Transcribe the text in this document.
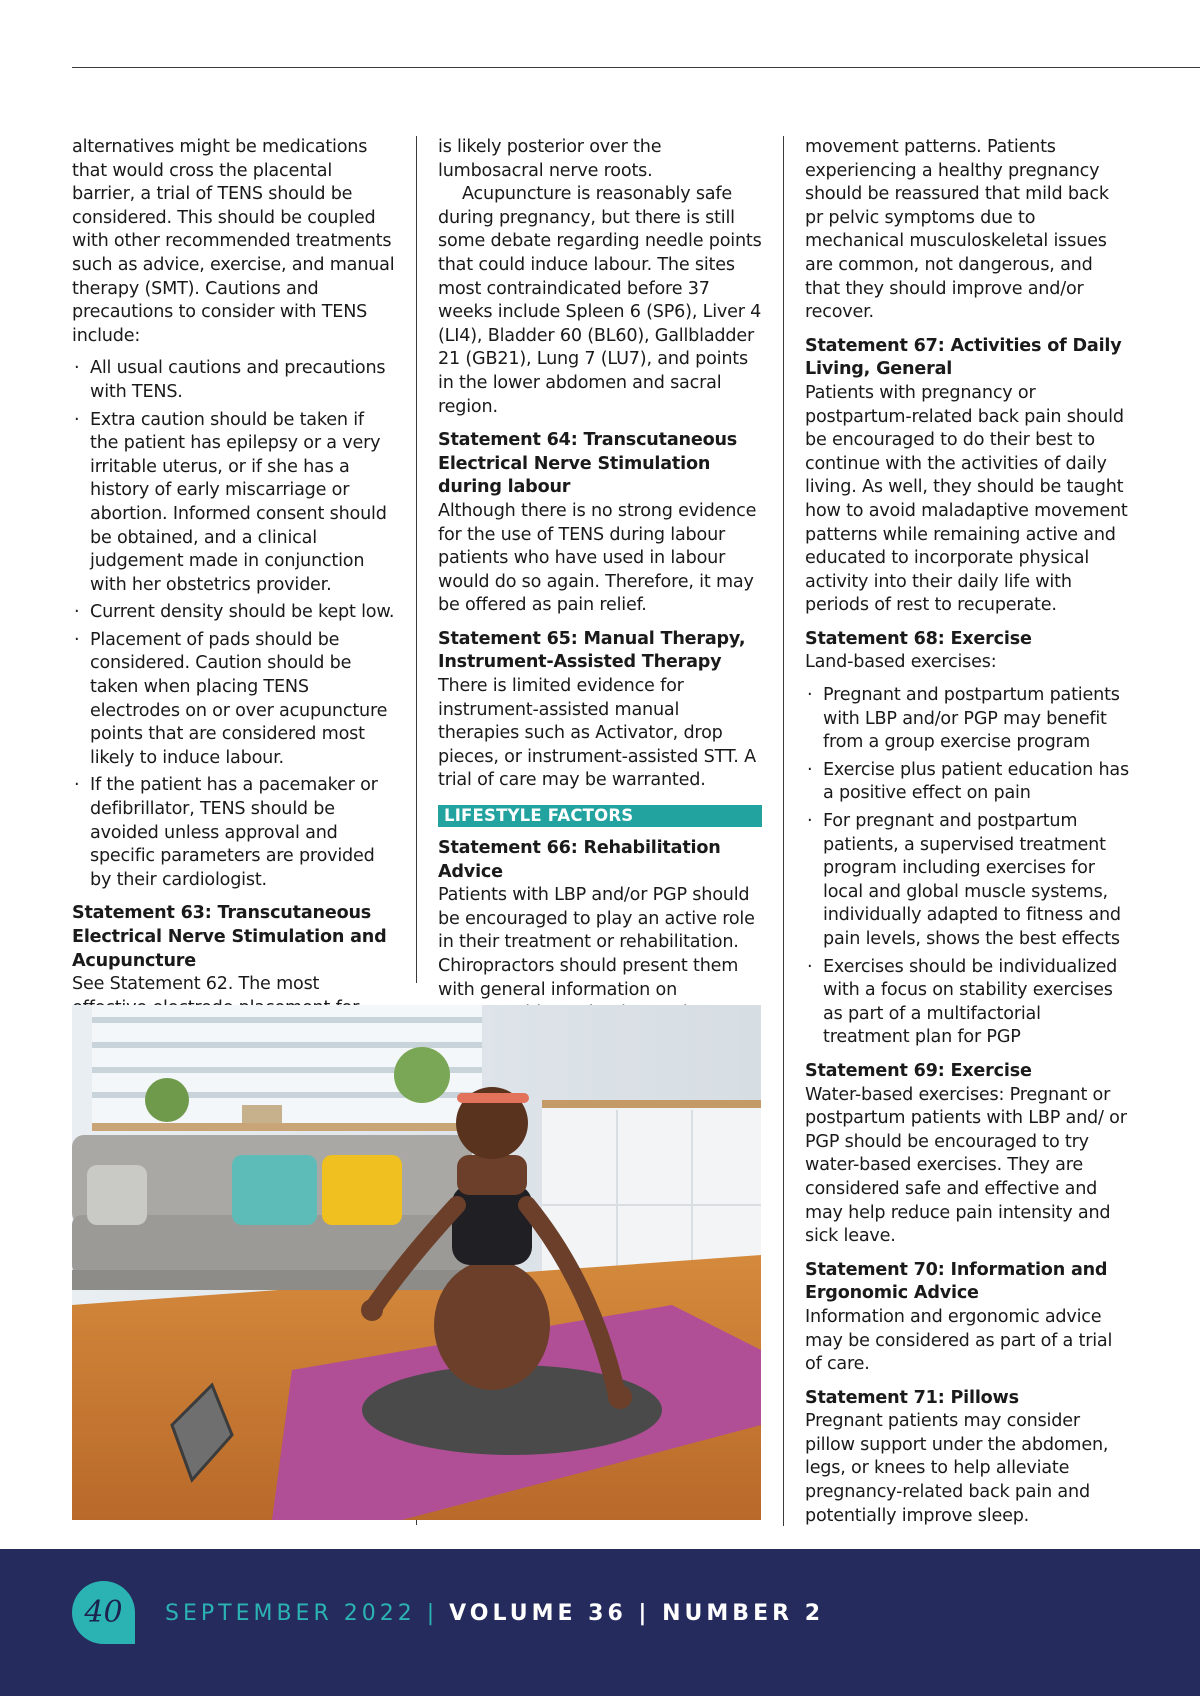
alternatives might be medications that would cross the placental barrier, a trial of TENS should be considered. This should be coupled with other recommended treatments such as advice, exercise, and manual therapy (SMT). Cautions and precautions to consider with TENS include:

· All usual cautions and precautions with TENS.
· Extra caution should be taken if the patient has epilepsy or a very irritable uterus, or if she has a history of early miscarriage or abortion. Informed consent should be obtained, and a clinical judgement made in conjunction with her obstetrics provider.
· Current density should be kept low.
· Placement of pads should be considered. Caution should be taken when placing TENS electrodes on or over acupuncture points that are considered most likely to induce labour.
· If the patient has a pacemaker or defibrillator, TENS should be avoided unless approval and specific parameters are provided by their cardiologist.
Statement 63: Transcutaneous Electrical Nerve Stimulation and Acupuncture

See Statement 62. The most

is likely posterior over the lumbosacral nerve roots.

Acupuncture is reasonably safe during pregnancy, but there is still some debate regarding needle points that could induce labour. The sites most contraindicated before 37 weeks include Spleen 6 (SP6), Liver 4 (LI4), Bladder 60 (BL60), Gallbladder 21 (GB21), Lung 7 (LU7), and points in the lower abdomen and sacral region.

Statement 64: Transcutaneous Electrical Nerve Stimulation during labour

Although there is no strong evidence for the use of TENS during labour patients who have used in labour would do so again. Therefore, it may be offered as pain relief.

Statement 65: Manual Therapy, Instrument-Assisted Therapy

There is limited evidence for instrument-assisted manual therapies such as Activator, drop pieces, or instrument-assisted STT. A trial of care may be warranted.

LIFESTYLE FACTORS
Statement 66: Rehabilitation Advice

Patients with LBP and/or PGP should be encouraged to play an active role in their treatment or rehabilitation. Chiropractors should present them with general information on

movement patterns. Patients experiencing a healthy pregnancy should be reassured that mild back pr pelvic symptoms due to mechanical musculoskeletal issues are common, not dangerous, and that they should improve and/or recover.

Statement 67: Activities of Daily Living, General

Patients with pregnancy or postpartum-related back pain should be encouraged to do their best to continue with the activities of daily living. As well, they should be taught how to avoid maladaptive movement patterns while remaining active and educated to incorporate physical activity into their daily life with periods of rest to recuperate.

Statement 68: Exercise

Land-based exercises:

· Pregnant and postpartum patients with LBP and/or PGP may benefit from a group exercise program
· Exercise plus patient education has a positive effect on pain
· For pregnant and postpartum patients, a supervised treatment program including exercises for local and global muscle systems, individually adapted to fitness and pain levels, shows the best effects
· Exercises should be individualized with a focus on stability exercises as part of a multifactorial treatment plan for PGP
Statement 69: Exercise

Water-based exercises: Pregnant or postpartum patients with LBP and/ or PGP should be encouraged to try water-based exercises. They are considered safe and effective and may help reduce pain intensity and sick leave.

Statement 70: Information and Ergonomic Advice

Information and ergonomic advice may be considered as part of a trial of care.

Statement 71: Pillows

Pregnant patients may consider pillow support under the abdomen, legs, or knees to help alleviate pregnancy-related back pain and potentially improve sleep.

40	SEPTEMBER 2022 | VOLUME 36 | NUMBER 2
